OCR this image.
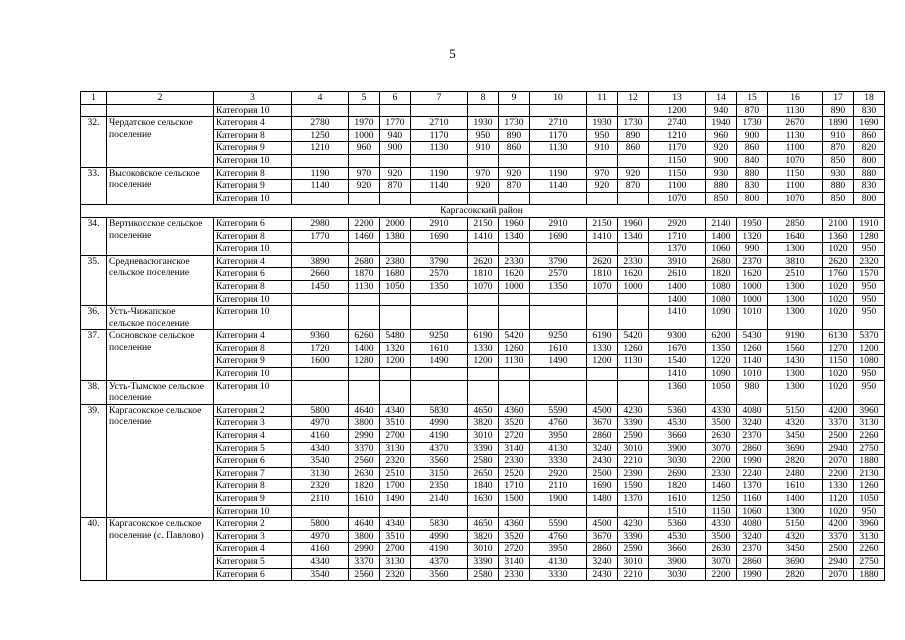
5
1	2	3	4	5	6	7	8	9	10	11	12	13	14	15	16	17	18
		Категория 10										1200	940	870	1130	890	830
32.	Чердатское сельское поселение	Категория 4	2780	1970	1770	2710	1930	1730	2710	1930	1730	2740	1940	1730	2670	1890	1690
		Категория 8	1250	1000	940	1170	950	890	1170	950	890	1210	960	900	1130	910	860
		Категория 9	1210	960	900	1130	910	860	1130	910	860	1170	920	860	1100	870	820
		Категория 10										1150	900	840	1070	850	800
33.	Высоковское сельское поселение	Категория 8	1190	970	920	1190	970	920	1190	970	920	1150	930	880	1150	930	880
		Категория 9	1140	920	870	1140	920	870	1140	920	870	1100	880	830	1100	880	830
		Категория 10										1070	850	800	1070	850	800
Каргасокский район																	
34.	Вертикосское сельское поселение	Категория 6	2980	2200	2000	2910	2150	1960	2910	2150	1960	2920	2140	1950	2850	2100	1910
		Категория 8	1770	1460	1380	1690	1410	1340	1690	1410	1340	1710	1400	1320	1640	1360	1280
		Категория 10										1370	1060	990	1300	1020	950
35.	Средневасюганское сельское поселение	Категория 4	3890	2680	2380	3790	2620	2330	3790	2620	2330	3910	2680	2370	3810	2620	2320
		Категория 6	2660	1870	1680	2570	1810	1620	2570	1810	1620	2610	1820	1620	2510	1760	1570
		Категория 8	1450	1130	1050	1350	1070	1000	1350	1070	1000	1400	1080	1000	1300	1020	950
		Категория 10										1400	1080	1000	1300	1020	950
36.	Усть-Чижапское сельское поселение	Категория 10										1410	1090	1010	1300	1020	950
37.	Сосновское сельское поселение	Категория 4	9360	6260	5480	9250	6190	5420	9250	6190	5420	9300	6200	5430	9190	6130	5370
		Категория 8	1720	1400	1320	1610	1330	1260	1610	1330	1260	1670	1350	1260	1560	1270	1200
		Категория 9	1600	1280	1200	1490	1200	1130	1490	1200	1130	1540	1220	1140	1430	1150	1080
		Категория 10										1410	1090	1010	1300	1020	950
38.	Усть-Тымское сельское поселение	Категория 10										1360	1050	980	1300	1020	950
39.	Каргасокское сельское поселение	Категория 2	5800	4640	4340	5830	4650	4360	5590	4500	4230	5360	4330	4080	5150	4200	3960
		Категория 3	4970	3800	3510	4990	3820	3520	4760	3670	3390	4530	3500	3240	4320	3370	3130
		Категория 4	4160	2990	2700	4190	3010	2720	3950	2860	2590	3660	2630	2370	3450	2500	2260
		Категория 5	4340	3370	3130	4370	3390	3140	4130	3240	3010	3900	3070	2860	3690	2940	2750
		Категория 6	3540	2560	2320	3560	2580	2330	3330	2430	2210	3030	2200	1990	2820	2070	1880
		Категория 7	3130	2630	2510	3150	2650	2520	2920	2500	2390	2690	2330	2240	2480	2200	2130
		Категория 8	2320	1820	1700	2350	1840	1710	2110	1690	1590	1820	1460	1370	1610	1330	1260
		Категория 9	2110	1610	1490	2140	1630	1500	1900	1480	1370	1610	1250	1160	1400	1120	1050
		Категория 10										1510	1150	1060	1300	1020	950
40.	Каргасокское сельское поселение (с. Павлово)	Категория 2	5800	4640	4340	5830	4650	4360	5590	4500	4230	5360	4330	4080	5150	4200	3960
		Категория 3	4970	3800	3510	4990	3820	3520	4760	3670	3390	4530	3500	3240	4320	3370	3130
		Категория 4	4160	2990	2700	4190	3010	2720	3950	2860	2590	3660	2630	2370	3450	2500	2260
		Категория 5	4340	3370	3130	4370	3390	3140	4130	3240	3010	3900	3070	2860	3690	2940	2750
		Категория 6	3540	2560	2320	3560	2580	2330	3330	2430	2210	3030	2200	1990	2820	2070	1880
